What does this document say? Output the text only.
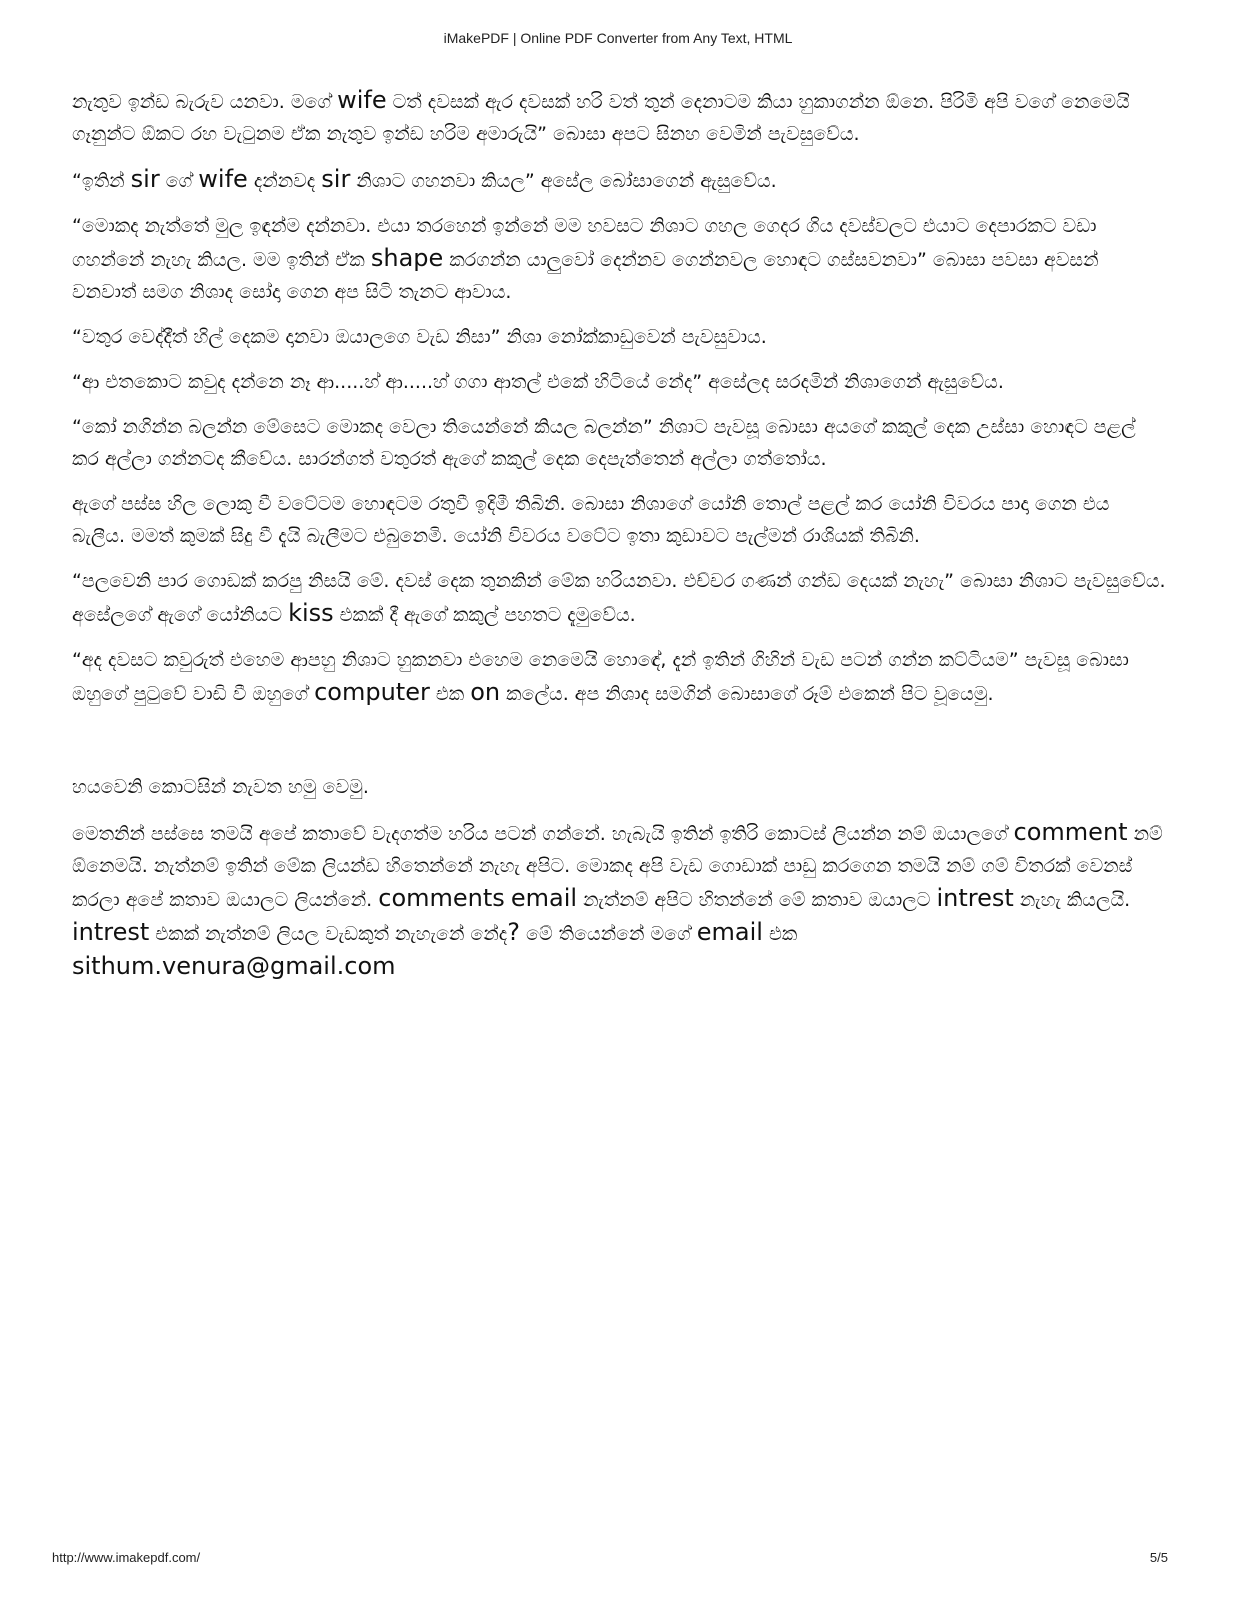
iMakePDF | Online PDF Converter from Any Text, HTML

නැතුව ඉන්ඩ බැරුව යනවා. මගේ wife ටත් දවසක් ඇර දවසක් හරි වත් තුන් දෙනාටම කියා හුකාගන්න ඕනෙ. පිරිමි අපි වගේ නෙමෙයි ගෑනුන්ට ඕකට රහ වැටුනම ඒක නැතුව ඉන්ඩ හරිම අමාරුයි” බොසා අපට සිනහ වෙමින් පැවසුවේය.

“ඉතින් sir ගේ wife දන්නවද sir නිශාට ගහනවා කියල” අසේල බෝසාගෙන් ඇසුවේය.

“මොකද නැත්තේ මුල ඉඳන්ම දන්නවා. එයා තරහෙන් ඉන්නේ මම හවසට නිශාට ගහල ගෙදර ගිය දවස්වලට එයාට දෙපාරකට වඩා ගහන්නේ නැහැ කියල. මම ඉතින් ඒක shape කරගන්න යාලුවෝ දෙන්නව ගෙන්නවල හොඳට ගස්සවනවා” බොසා පවසා අවසන් වනවාත් සමග නිශාද සෝදා ගෙන අප සිටි තැනට ආවාය.

“වතුර වෙද්දීත් හිල් දෙකම දානවා ඔයාලගෙ වැඩ නිසා” නිශා නෝක්කාඩුවෙන් පැවසුවාය.

“ආ එතකොට කවුද දන්නෙ නෑ ආ.....හ් ආ.....හ් ගගා ආතල් එකේ හිටියේ නේද” අසේලද සරදමින් නිශාගෙන් ඇසුවේය.

“කෝ නගින්න බලන්න මේසෙට මොකද වෙලා තියෙන්නේ කියල බලන්න” නිශාට පැවසූ බොසා අයගේ කකුල් දෙක උස්සා හොඳට පළල් කර අල්ලා ගන්නටද කීවේය. සාරන්ගත් වතුරත් ඇගේ කකුල් දෙක දෙපැත්තෙන් අල්ලා ගත්තෝය.

ඇගේ පස්ස හිල ලොකු වී වටේටම හොඳටම රතුවී ඉදිමී තිබිනි. බොසා නිශාගේ යෝනි තොල් පළල් කර යෝනි විවරය පාදා ගෙන එය බැලීය. මමත් කුමක් සිදු වී දැයි බැලීමට එබුනෙමි. යෝනි විවරය වටේට ඉතා කුඩාවට පැල්මන් රාශියක් තිබිනි.

“පලවෙනි පාර ගොඩක් කරපු නිසයි මේ. දවස් දෙක තුනකින් මේක හරියනවා. එච්චර ගණන් ගන්ඩ දෙයක් නැහැ” බොසා නිශාට පැවසුවේය. අසේලගේ ඇගේ යෝනියට kiss එකක් දී ඇගේ කකුල් පහතට දැමුවේය.

“අද දවසට කවුරුත් එහෙම ආපහු නිශාට හුකනවා එහෙම නෙමෙයි හොඳේ, දැන් ඉතින් ගිහින් වැඩ පටන් ගන්න කට්ටියම” පැවසූ බොසා ඔහුගේ පුටුවේ වාඩි වී ඔහුගේ computer එක on කලේය. අප නිශාද සමගින් බොසාගේ රූම් එකෙන් පිට වූයෙමු.

හයවෙනි කොටසින් නැවත හමු වෙමු.

මෙතනින් පස්සෙ තමයි අපේ කතාවේ වැදගත්ම හරිය පටන් ගන්නේ. හැබැයි ඉතින් ඉතිරි කොටස් ලියන්න නම් ඔයාලගේ comment නම් ඕනෙමයි. නැත්නම් ඉතින් මේක ලියන්ඩ හිතෙන්නේ නැහැ අපිට. මොකද අපි වැඩ ගොඩාක් පාඩු කරගෙන තමයි නම් ගම් විතරක් වෙනස් කරලා අපේ කතාව ඔයාලට ලියන්නේ. comments email නැත්නම් අපිට හිතන්නේ මේ කතාව ඔයාලට intrest නැහැ කියලයි. intrest එකක් නැත්නම් ලියල වැඩකුත් නැහැනේ නේද? මේ තියෙන්නේ මගේ email එක
sithum.venura@gmail.com

http://www.imakepdf.com/	5/5
